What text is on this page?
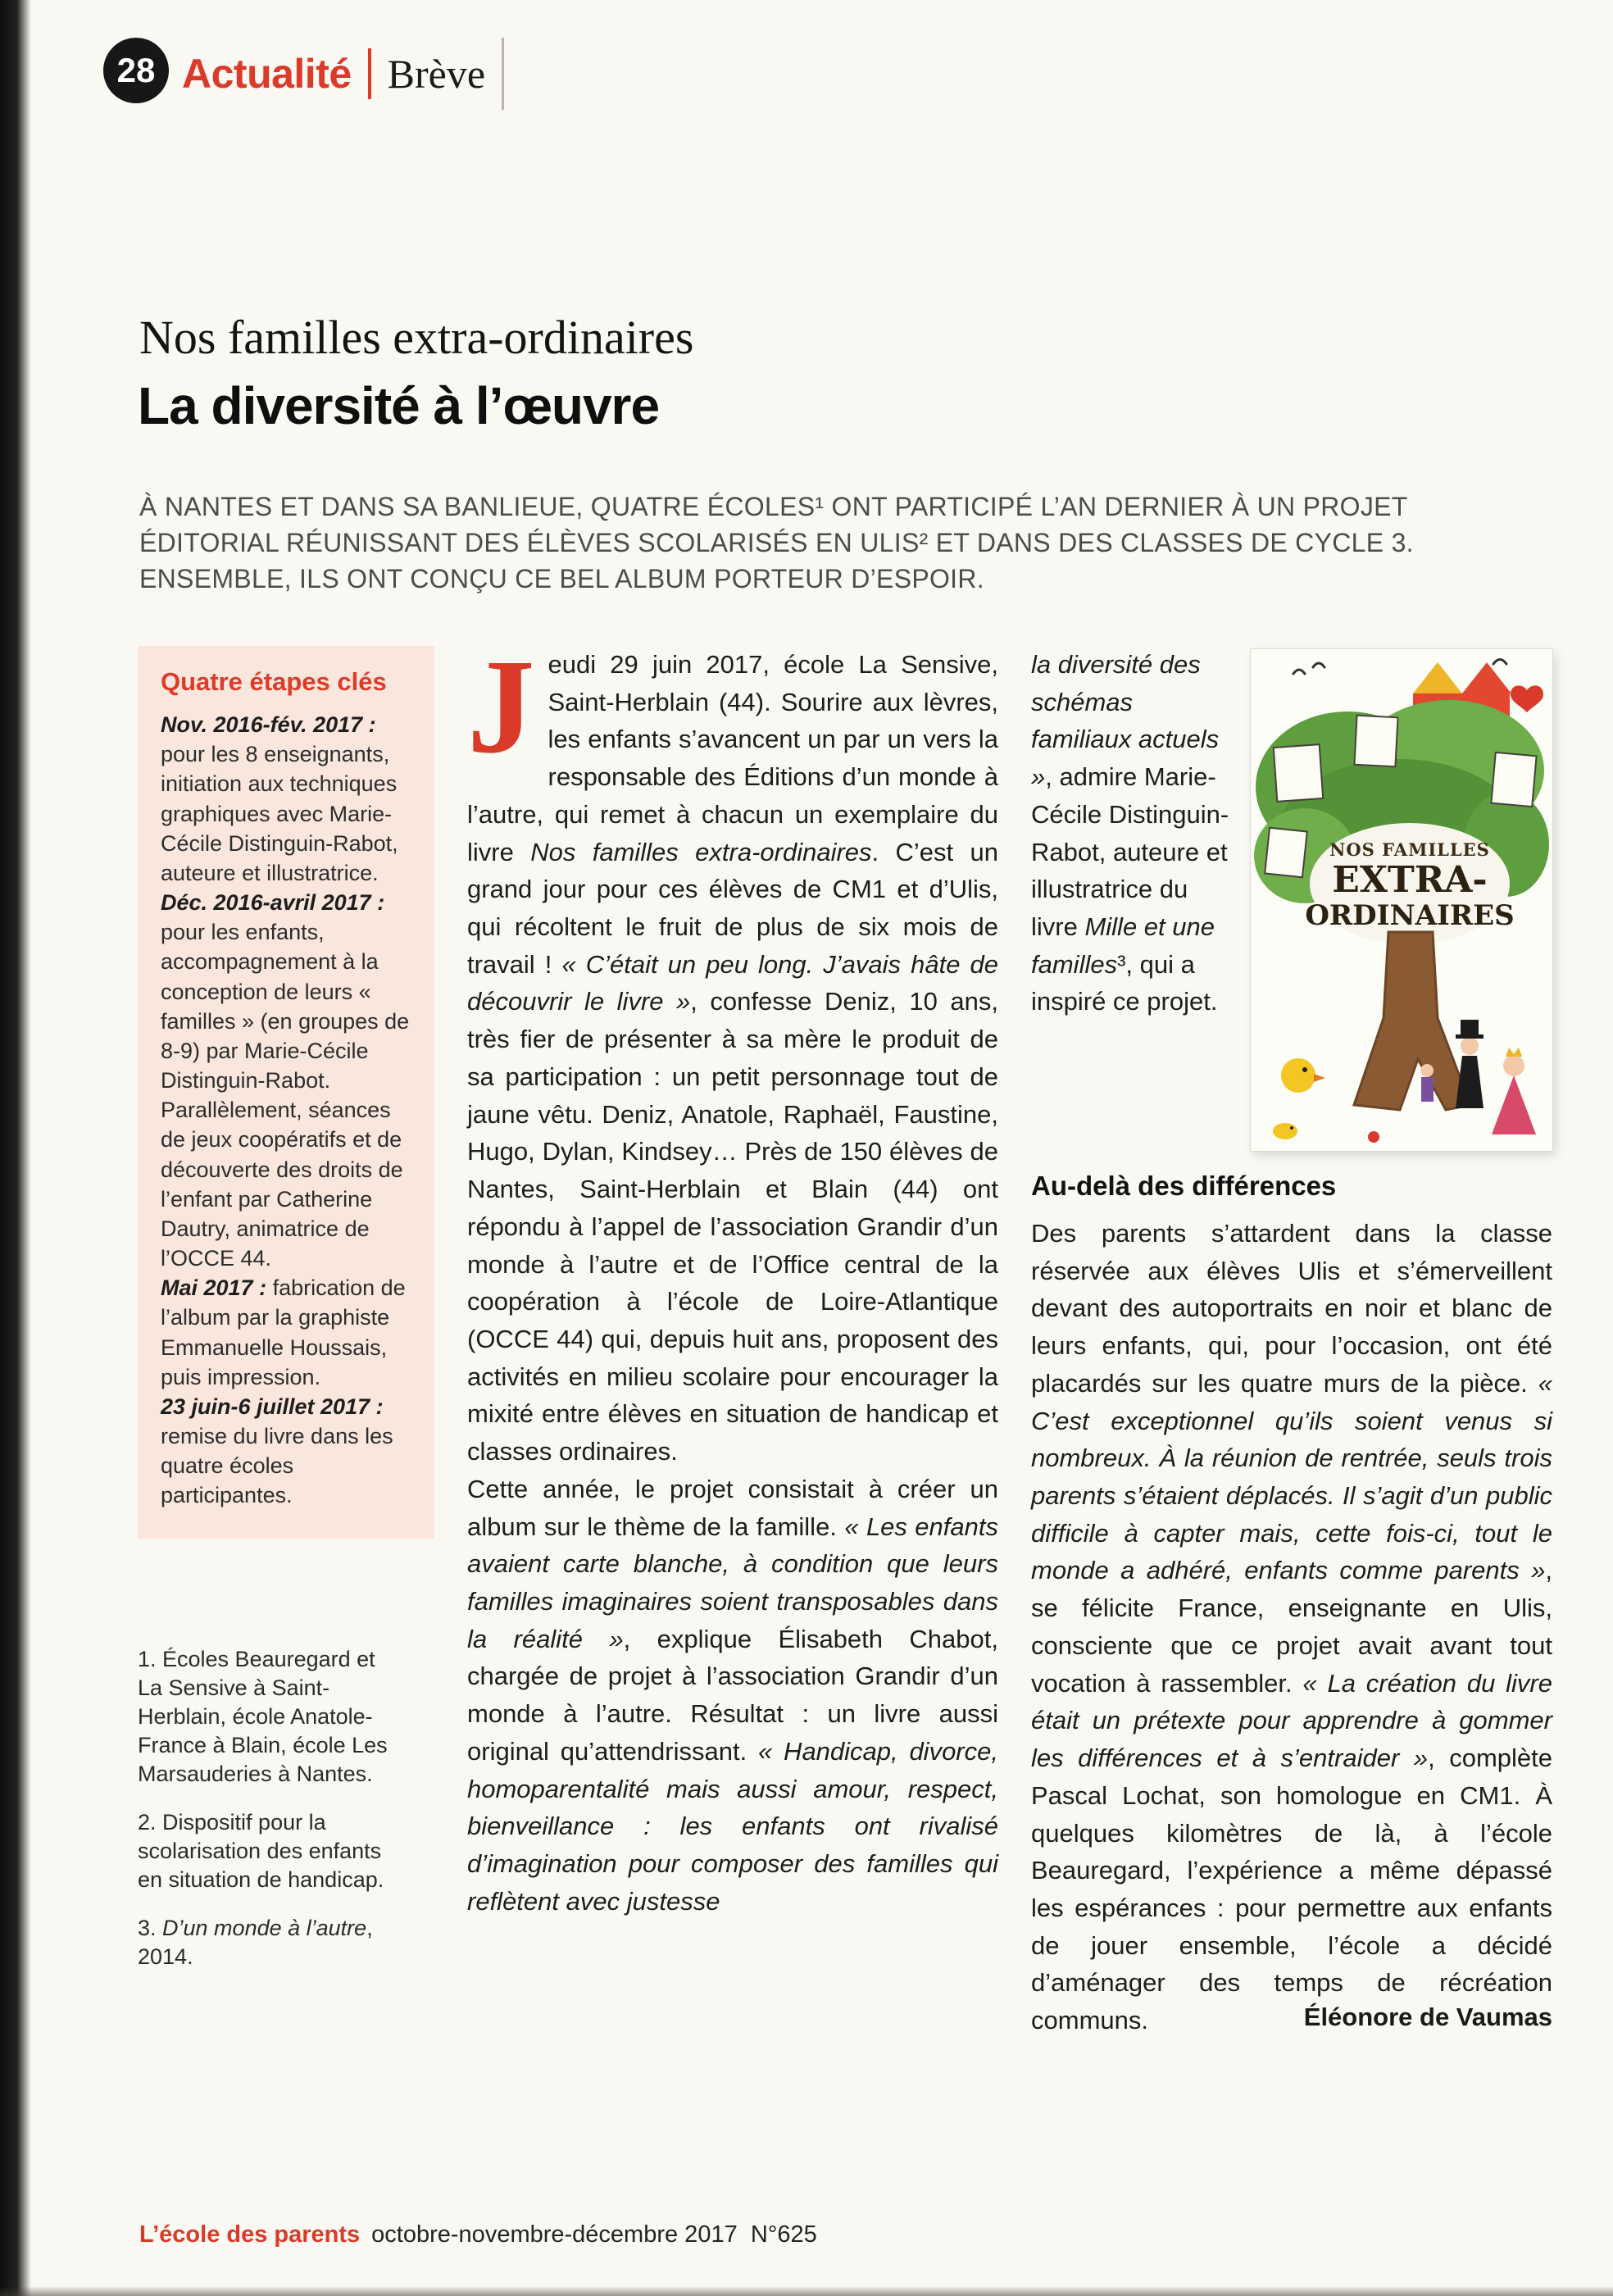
28 Actualité Brève
Nos familles extra-ordinaires
La diversité à l’œuvre

À NANTES ET DANS SA BANLIEUE, QUATRE ÉCOLES¹ ONT PARTICIPÉ L’AN DERNIER À UN PROJET ÉDITORIAL RÉUNISSANT DES ÉLÈVES SCOLARISÉS EN ULIS² ET DANS DES CLASSES DE CYCLE 3. ENSEMBLE, ILS ONT CONÇU CE BEL ALBUM PORTEUR D’ESPOIR.

Quatre étapes clés

Nov. 2016-fév. 2017 : pour les 8 enseignants, initiation aux techniques graphiques avec Marie-Cécile Distinguin-Rabot, auteure et illustratrice.

Déc. 2016-avril 2017 : pour les enfants, accompagnement à la conception de leurs « familles » (en groupes de 8-9) par Marie-Cécile Distinguin-Rabot. Parallèlement, séances de jeux coopératifs et de découverte des droits de l’enfant par Catherine Dautry, animatrice de l’OCCE 44.

Mai 2017 : fabrication de l’album par la graphiste Emmanuelle Houssais, puis impression.

23 juin-6 juillet 2017 : remise du livre dans les quatre écoles participantes.

1. Écoles Beauregard et La Sensive à Saint-Herblain, école Anatole-France à Blain, école Les Marsauderies à Nantes.

2. Dispositif pour la scolarisation des enfants en situation de handicap.

3. D’un monde à l’autre, 2014.

Jeudi 29 juin 2017, école La Sensive, Saint-Herblain (44). Sourire aux lèvres, les enfants s’avancent un par un vers la responsable des Éditions d’un monde à l’autre, qui remet à chacun un exemplaire du livre Nos familles extra-ordinaires. C’est un grand jour pour ces élèves de CM1 et d’Ulis, qui récoltent le fruit de plus de six mois de travail ! « C’était un peu long. J’avais hâte de découvrir le livre », confesse Deniz, 10 ans, très fier de présenter à sa mère le produit de sa participation : un petit personnage tout de jaune vêtu. Deniz, Anatole, Raphaël, Faustine, Hugo, Dylan, Kindsey… Près de 150 élèves de Nantes, Saint-Herblain et Blain (44) ont répondu à l’appel de l’association Grandir d’un monde à l’autre et de l’Office central de la coopération à l’école de Loire-Atlantique (OCCE 44) qui, depuis huit ans, proposent des activités en milieu scolaire pour encourager la mixité entre élèves en situation de handicap et classes ordinaires.

Cette année, le projet consistait à créer un album sur le thème de la famille. « Les enfants avaient carte blanche, à condition que leurs familles imaginaires soient transposables dans la réalité », explique Élisabeth Chabot, chargée de projet à l’association Grandir d’un monde à l’autre. Résultat : un livre aussi original qu’attendrissant. « Handicap, divorce, homoparentalité mais aussi amour, respect, bienveillance : les enfants ont rivalisé d’imagination pour composer des familles qui reflètent avec justesse

NOS FAMILLES
EXTRA-
ORDINAIRES

la diversité des schémas familiaux actuels », admire Marie-Cécile Distinguin-Rabot, auteure et illustratrice du livre Mille et une familles³, qui a inspiré ce projet.

Au-delà des différences

Des parents s’attardent dans la classe réservée aux élèves Ulis et s’émerveillent devant des autoportraits en noir et blanc de leurs enfants, qui, pour l’occasion, ont été placardés sur les quatre murs de la pièce. « C’est exceptionnel qu’ils soient venus si nombreux. À la réunion de rentrée, seuls trois parents s’étaient déplacés. Il s’agit d’un public difficile à capter mais, cette fois-ci, tout le monde a adhéré, enfants comme parents », se félicite France, enseignante en Ulis, consciente que ce projet avait avant tout vocation à rassembler. « La création du livre était un prétexte pour apprendre à gommer les différences et à s’entraider », complète Pascal Lochat, son homologue en CM1. À quelques kilomètres de là, à l’école Beauregard, l’expérience a même dépassé les espérances : pour permettre aux enfants de jouer ensemble, l’école a décidé d’aménager des temps de récréation communs.	Éléonore de Vaumas
L’école des parents octobre-novembre-décembre 2017  N°625
